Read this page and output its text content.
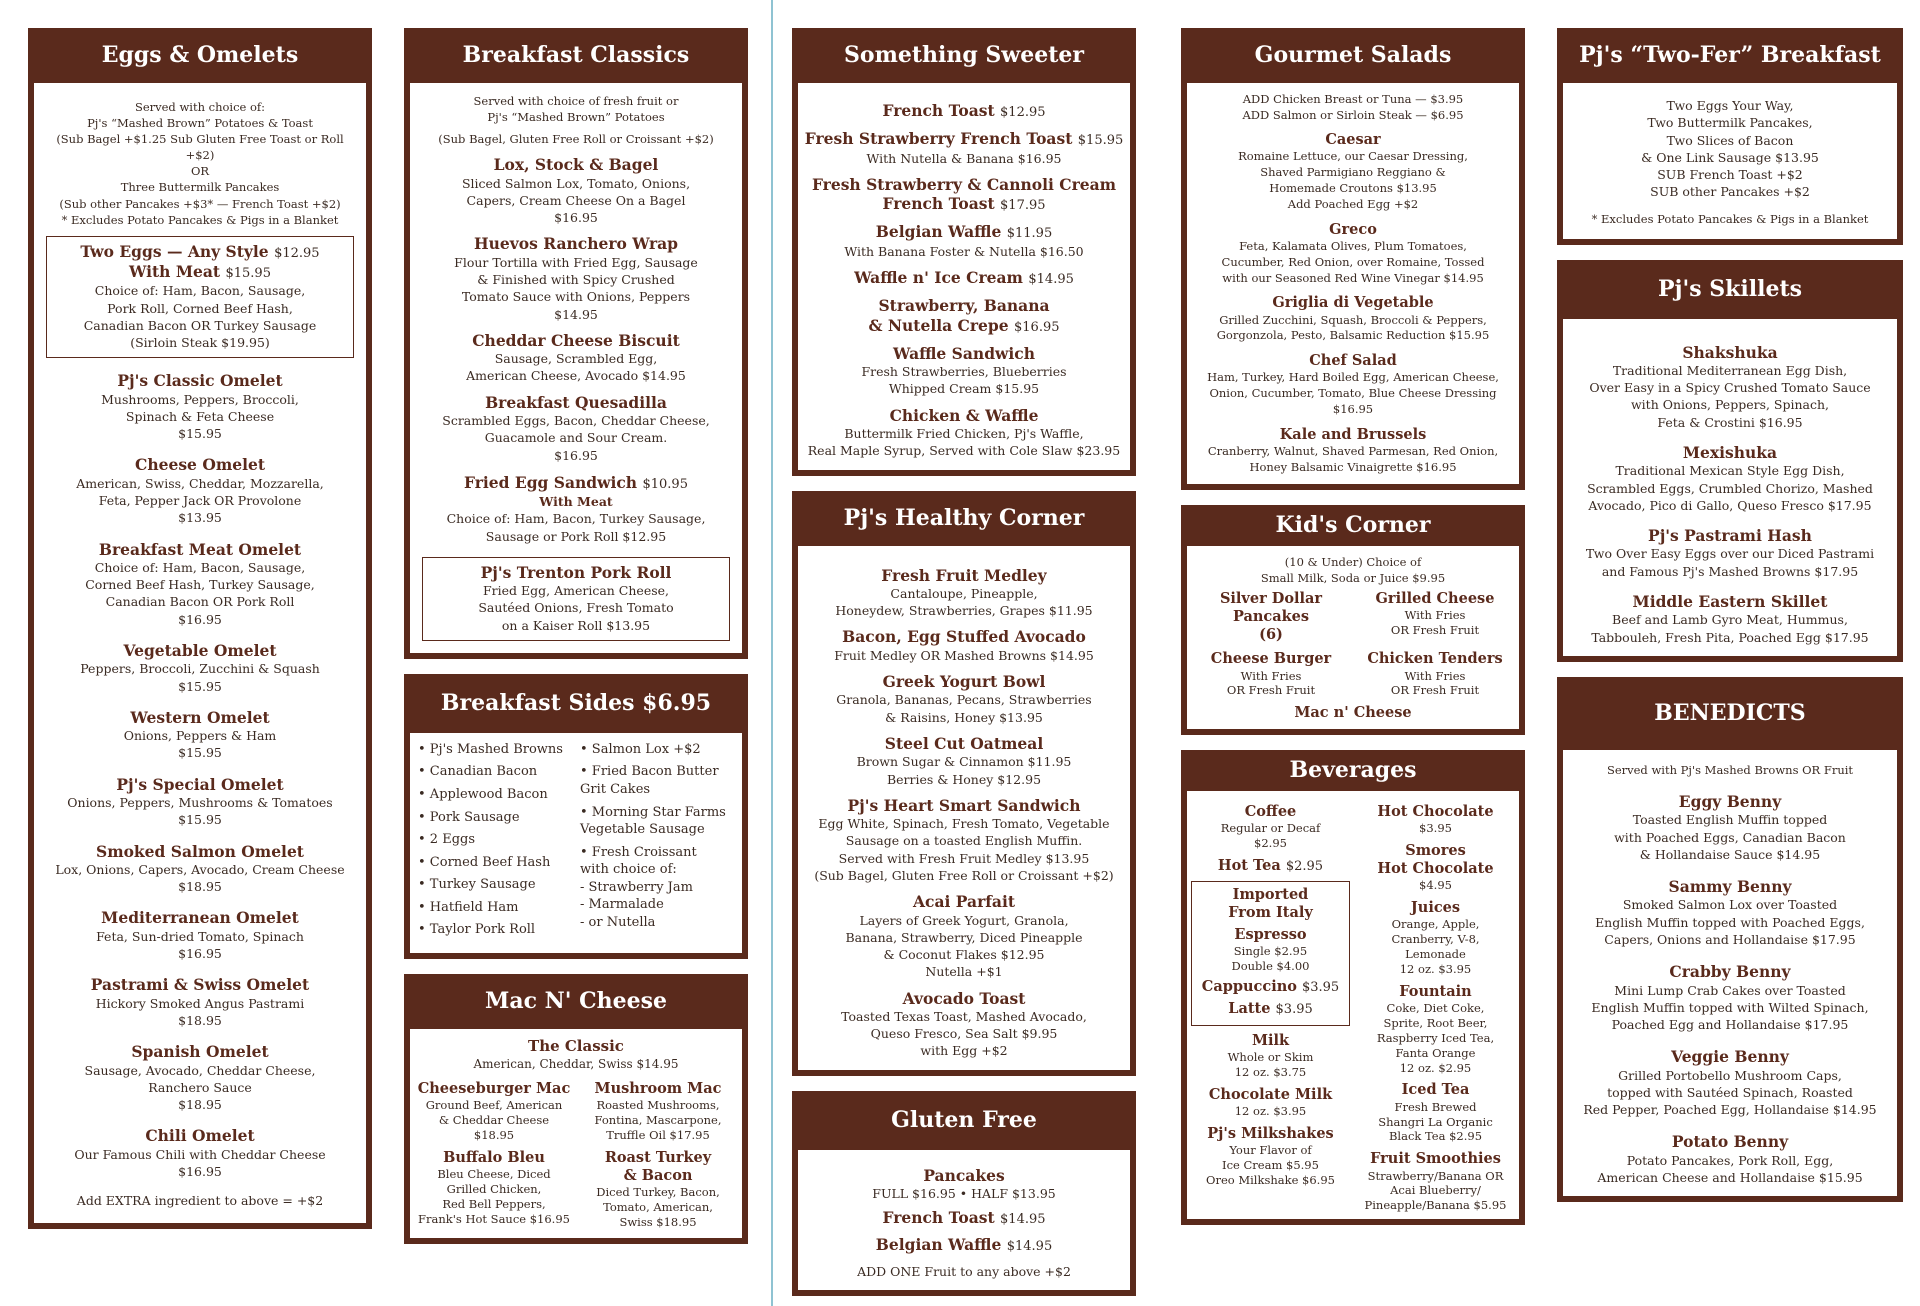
Eggs & Omelets
Served with choice of:
Pj's “Mashed Brown” Potatoes & Toast
(Sub Bagel +$1.25 Sub Gluten Free Toast or Roll +$2)
OR
Three Buttermilk Pancakes
(Sub other Pancakes +$3* — French Toast +$2)
* Excludes Potato Pancakes & Pigs in a Blanket
Two Eggs — Any Style $12.95
With Meat $15.95
Choice of: Ham, Bacon, Sausage,
Pork Roll, Corned Beef Hash,
Canadian Bacon OR Turkey Sausage
(Sirloin Steak $19.95)
Pj's Classic Omelet
Mushrooms, Peppers, Broccoli,
Spinach & Feta Cheese
$15.95
Cheese Omelet
American, Swiss, Cheddar, Mozzarella,
Feta, Pepper Jack OR Provolone
$13.95
Breakfast Meat Omelet
Choice of: Ham, Bacon, Sausage,
Corned Beef Hash, Turkey Sausage,
Canadian Bacon OR Pork Roll
$16.95
Vegetable Omelet
Peppers, Broccoli, Zucchini & Squash
$15.95
Western Omelet
Onions, Peppers & Ham
$15.95
Pj's Special Omelet
Onions, Peppers, Mushrooms & Tomatoes
$15.95
Smoked Salmon Omelet
Lox, Onions, Capers, Avocado, Cream Cheese
$18.95
Mediterranean Omelet
Feta, Sun-dried Tomato, Spinach
$16.95
Pastrami & Swiss Omelet
Hickory Smoked Angus Pastrami
$18.95
Spanish Omelet
Sausage, Avocado, Cheddar Cheese,
Ranchero Sauce
$18.95
Chili Omelet
Our Famous Chili with Cheddar Cheese
$16.95
Add EXTRA ingredient to above = +$2
Breakfast Classics
Served with choice of fresh fruit or
Pj's “Mashed Brown” Potatoes
(Sub Bagel, Gluten Free Roll or Croissant +$2)
Lox, Stock & Bagel
Sliced Salmon Lox, Tomato, Onions,
Capers, Cream Cheese On a Bagel
$16.95
Huevos Ranchero Wrap
Flour Tortilla with Fried Egg, Sausage
& Finished with Spicy Crushed
Tomato Sauce with Onions, Peppers
$14.95
Cheddar Cheese Biscuit
Sausage, Scrambled Egg,
American Cheese, Avocado $14.95
Breakfast Quesadilla
Scrambled Eggs, Bacon, Cheddar Cheese,
Guacamole and Sour Cream.
$16.95
Fried Egg Sandwich $10.95
With Meat
Choice of: Ham, Bacon, Turkey Sausage,
Sausage or Pork Roll $12.95
Pj's Trenton Pork Roll
Fried Egg, American Cheese,
Sautéed Onions, Fresh Tomato
on a Kaiser Roll $13.95
Breakfast Sides $6.95
• Pj's Mashed Browns
• Canadian Bacon
• Applewood Bacon
• Pork Sausage
• 2 Eggs
• Corned Beef Hash
• Turkey Sausage
• Hatfield Ham
• Taylor Pork Roll
• Salmon Lox +$2
• Fried Bacon Butter
Grit Cakes
• Morning Star Farms
Vegetable Sausage
• Fresh Croissant
with choice of:
- Strawberry Jam
- Marmalade
- or Nutella
Mac N' Cheese
The Classic
American, Cheddar, Swiss $14.95
Cheeseburger Mac
Ground Beef, American
& Cheddar Cheese
$18.95
Mushroom Mac
Roasted Mushrooms,
Fontina, Mascarpone,
Truffle Oil $17.95
Buffalo Bleu
Bleu Cheese, Diced
Grilled Chicken,
Red Bell Peppers,
Frank's Hot Sauce $16.95
Roast Turkey
& Bacon
Diced Turkey, Bacon,
Tomato, American,
Swiss $18.95
Something Sweeter
French Toast $12.95
Fresh Strawberry French Toast $15.95
With Nutella & Banana $16.95
Fresh Strawberry & Cannoli Cream
French Toast $17.95
Belgian Waffle $11.95
With Banana Foster & Nutella $16.50
Waffle n' Ice Cream $14.95
Strawberry, Banana
& Nutella Crepe $16.95
Waffle Sandwich
Fresh Strawberries, Blueberries
Whipped Cream $15.95
Chicken & Waffle
Buttermilk Fried Chicken, Pj's Waffle,
Real Maple Syrup, Served with Cole Slaw $23.95
Pj's Healthy Corner
Fresh Fruit Medley
Cantaloupe, Pineapple,
Honeydew, Strawberries, Grapes $11.95
Bacon, Egg Stuffed Avocado
Fruit Medley OR Mashed Browns $14.95
Greek Yogurt Bowl
Granola, Bananas, Pecans, Strawberries
& Raisins, Honey $13.95
Steel Cut Oatmeal
Brown Sugar & Cinnamon $11.95
Berries & Honey $12.95
Pj's Heart Smart Sandwich
Egg White, Spinach, Fresh Tomato, Vegetable
Sausage on a toasted English Muffin.
Served with Fresh Fruit Medley $13.95
(Sub Bagel, Gluten Free Roll or Croissant +$2)
Acai Parfait
Layers of Greek Yogurt, Granola,
Banana, Strawberry, Diced Pineapple
& Coconut Flakes $12.95
Nutella +$1
Avocado Toast
Toasted Texas Toast, Mashed Avocado,
Queso Fresco, Sea Salt $9.95
with Egg +$2
Gluten Free
Pancakes
FULL $16.95 • HALF $13.95
French Toast $14.95
Belgian Waffle $14.95
ADD ONE Fruit to any above +$2
Gourmet Salads
ADD Chicken Breast or Tuna — $3.95
ADD Salmon or Sirloin Steak — $6.95
Caesar
Romaine Lettuce, our Caesar Dressing,
Shaved Parmigiano Reggiano &
Homemade Croutons $13.95
Add Poached Egg +$2
Greco
Feta, Kalamata Olives, Plum Tomatoes,
Cucumber, Red Onion, over Romaine, Tossed
with our Seasoned Red Wine Vinegar $14.95
Griglia di Vegetable
Grilled Zucchini, Squash, Broccoli & Peppers,
Gorgonzola, Pesto, Balsamic Reduction $15.95
Chef Salad
Ham, Turkey, Hard Boiled Egg, American Cheese,
Onion, Cucumber, Tomato, Blue Cheese Dressing
$16.95
Kale and Brussels
Cranberry, Walnut, Shaved Parmesan, Red Onion,
Honey Balsamic Vinaigrette $16.95
Kid's Corner
(10 & Under) Choice of
Small Milk, Soda or Juice $9.95
Silver Dollar
Pancakes
(6)
Grilled Cheese
With Fries
OR Fresh Fruit
Cheese Burger
With Fries
OR Fresh Fruit
Chicken Tenders
With Fries
OR Fresh Fruit
Mac n' Cheese
Beverages
Coffee
Regular or Decaf
$2.95
Hot Tea $2.95
Imported
From Italy
Espresso
Single $2.95
Double $4.00
Cappuccino $3.95
Latte $3.95
Milk
Whole or Skim
12 oz. $3.75
Chocolate Milk
12 oz. $3.95
Pj's Milkshakes
Your Flavor of
Ice Cream $5.95
Oreo Milkshake $6.95
Hot Chocolate
$3.95
Smores
Hot Chocolate
$4.95
Juices
Orange, Apple,
Cranberry, V-8,
Lemonade
12 oz. $3.95
Fountain
Coke, Diet Coke,
Sprite, Root Beer,
Raspberry Iced Tea,
Fanta Orange
12 oz. $2.95
Iced Tea
Fresh Brewed
Shangri La Organic
Black Tea $2.95
Fruit Smoothies
Strawberry/Banana OR
Acai Blueberry/
Pineapple/Banana $5.95
Pj's “Two-Fer” Breakfast
Two Eggs Your Way,
Two Buttermilk Pancakes,
Two Slices of Bacon
& One Link Sausage $13.95
SUB French Toast +$2
SUB other Pancakes +$2
* Excludes Potato Pancakes & Pigs in a Blanket
Pj's Skillets
Shakshuka
Traditional Mediterranean Egg Dish,
Over Easy in a Spicy Crushed Tomato Sauce
with Onions, Peppers, Spinach,
Feta & Crostini $16.95
Mexishuka
Traditional Mexican Style Egg Dish,
Scrambled Eggs, Crumbled Chorizo, Mashed
Avocado, Pico di Gallo, Queso Fresco $17.95
Pj's Pastrami Hash
Two Over Easy Eggs over our Diced Pastrami
and Famous Pj's Mashed Browns $17.95
Middle Eastern Skillet
Beef and Lamb Gyro Meat, Hummus,
Tabbouleh, Fresh Pita, Poached Egg $17.95
BENEDICTS
Served with Pj's Mashed Browns OR Fruit
Eggy Benny
Toasted English Muffin topped
with Poached Eggs, Canadian Bacon
& Hollandaise Sauce $14.95
Sammy Benny
Smoked Salmon Lox over Toasted
English Muffin topped with Poached Eggs,
Capers, Onions and Hollandaise $17.95
Crabby Benny
Mini Lump Crab Cakes over Toasted
English Muffin topped with Wilted Spinach,
Poached Egg and Hollandaise $17.95
Veggie Benny
Grilled Portobello Mushroom Caps,
topped with Sautéed Spinach, Roasted
Red Pepper, Poached Egg, Hollandaise $14.95
Potato Benny
Potato Pancakes, Pork Roll, Egg,
American Cheese and Hollandaise $15.95
